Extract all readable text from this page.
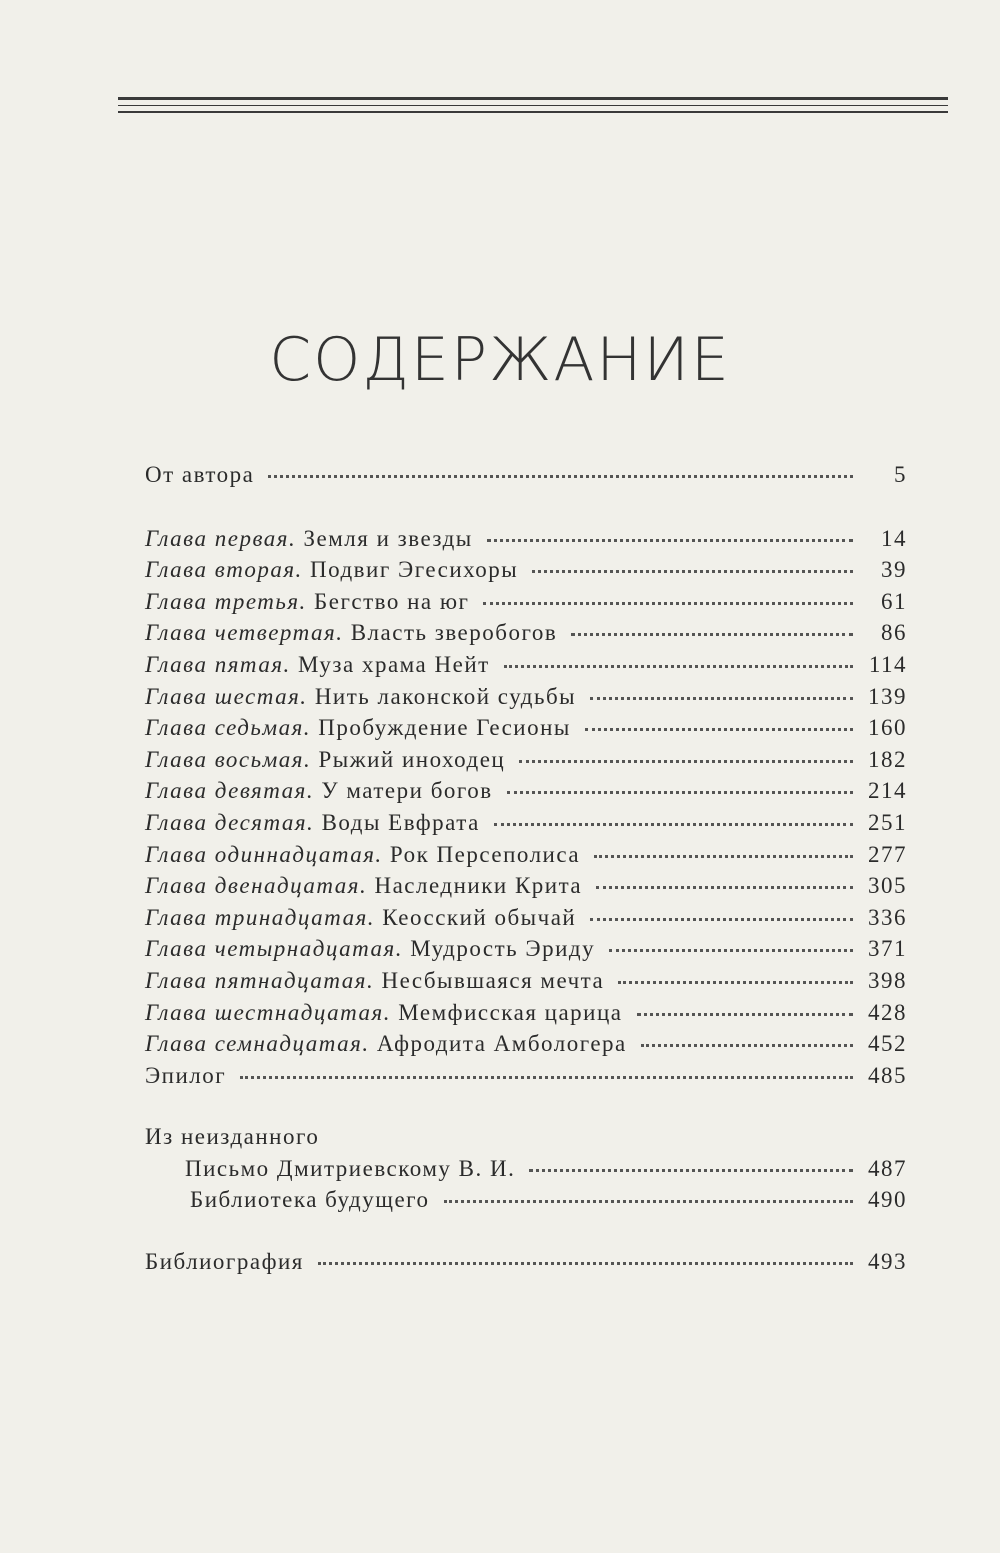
СОДЕРЖАНИЕ
От автора	5
Глава первая. Земля и звезды	14
Глава вторая. Подвиг Эгесихоры	39
Глава третья. Бегство на юг	61
Глава четвертая. Власть зверобогов	86
Глава пятая. Муза храма Нейт	114
Глава шестая. Нить лаконской судьбы	139
Глава седьмая. Пробуждение Гесионы	160
Глава восьмая. Рыжий иноходец	182
Глава девятая. У матери богов	214
Глава десятая. Воды Евфрата	251
Глава одиннадцатая. Рок Персеполиса	277
Глава двенадцатая. Наследники Крита	305
Глава тринадцатая. Кеосский обычай	336
Глава четырнадцатая. Мудрость Эриду	371
Глава пятнадцатая. Несбывшаяся мечта	398
Глава шестнадцатая. Мемфисская царица	428
Глава семнадцатая. Афродита Амбологера	452
Эпилог	485
Из неизданного
Письмо Дмитриевскому В. И.	487
Библиотека будущего	490
Библиография	493
